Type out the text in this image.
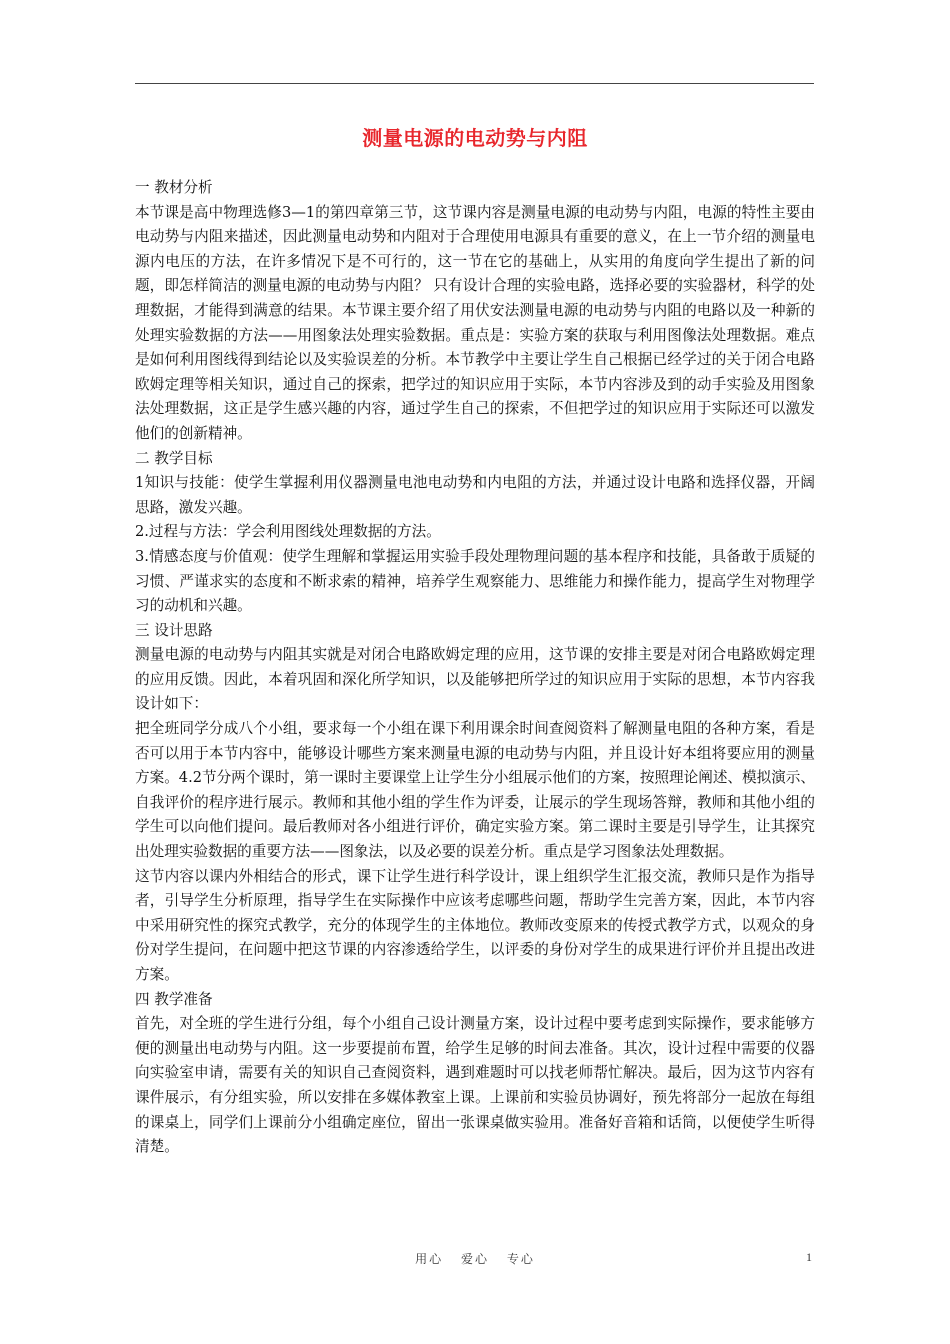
测量电源的电动势与内阻

一 教材分析

本节课是高中物理选修3—1的第四章第三节，这节课内容是测量电源的电动势与内阻，电源的特性主要由电动势与内阻来描述，因此测量电动势和内阻对于合理使用电源具有重要的意义，在上一节介绍的测量电源内电压的方法，在许多情况下是不可行的，这一节在它的基础上，从实用的角度向学生提出了新的问题，即怎样简洁的测量电源的电动势与内阻？ 只有设计合理的实验电路，选择必要的实验器材，科学的处理数据，才能得到满意的结果。本节课主要介绍了用伏安法测量电源的电动势与内阻的电路以及一种新的处理实验数据的方法——用图象法处理实验数据。重点是：实验方案的获取与利用图像法处理数据。难点是如何利用图线得到结论以及实验误差的分析。本节教学中主要让学生自己根据已经学过的关于闭合电路欧姆定理等相关知识，通过自己的探索，把学过的知识应用于实际，本节内容涉及到的动手实验及用图象法处理数据，这正是学生感兴趣的内容，通过学生自己的探索，不但把学过的知识应用于实际还可以激发他们的创新精神。

二 教学目标

1知识与技能：使学生掌握利用仪器测量电池电动势和内电阻的方法，并通过设计电路和选择仪器，开阔思路，激发兴趣。

2.过程与方法：学会利用图线处理数据的方法。

3.情感态度与价值观：使学生理解和掌握运用实验手段处理物理问题的基本程序和技能，具备敢于质疑的习惯、严谨求实的态度和不断求索的精神，培养学生观察能力、思维能力和操作能力，提高学生对物理学习的动机和兴趣。

三 设计思路

测量电源的电动势与内阻其实就是对闭合电路欧姆定理的应用，这节课的安排主要是对闭合电路欧姆定理的应用反馈。因此，本着巩固和深化所学知识，以及能够把所学过的知识应用于实际的思想，本节内容我设计如下：

把全班同学分成八个小组，要求每一个小组在课下利用课余时间查阅资料了解测量电阻的各种方案，看是否可以用于本节内容中，能够设计哪些方案来测量电源的电动势与内阻，并且设计好本组将要应用的测量方案。4.2节分两个课时，第一课时主要课堂上让学生分小组展示他们的方案，按照理论阐述、模拟演示、自我评价的程序进行展示。教师和其他小组的学生作为评委，让展示的学生现场答辩，教师和其他小组的学生可以向他们提问。最后教师对各小组进行评价，确定实验方案。第二课时主要是引导学生，让其探究出处理实验数据的重要方法——图象法，以及必要的误差分析。重点是学习图象法处理数据。

这节内容以课内外相结合的形式，课下让学生进行科学设计，课上组织学生汇报交流，教师只是作为指导者，引导学生分析原理，指导学生在实际操作中应该考虑哪些问题，帮助学生完善方案，因此，本节内容中采用研究性的探究式教学，充分的体现学生的主体地位。教师改变原来的传授式教学方式，以观众的身份对学生提问，在问题中把这节课的内容渗透给学生，以评委的身份对学生的成果进行评价并且提出改进方案。

四 教学准备

首先，对全班的学生进行分组，每个小组自己设计测量方案，设计过程中要考虑到实际操作，要求能够方便的测量出电动势与内阻。这一步要提前布置，给学生足够的时间去准备。其次，设计过程中需要的仪器向实验室申请，需要有关的知识自己查阅资料，遇到难题时可以找老师帮忙解决。最后，因为这节内容有课件展示，有分组实验，所以安排在多媒体教室上课。上课前和实验员协调好，预先将部分一起放在每组的课桌上，同学们上课前分小组确定座位，留出一张课桌做实验用。准备好音箱和话筒，以便使学生听得清楚。

用心 爱心 专心	1
